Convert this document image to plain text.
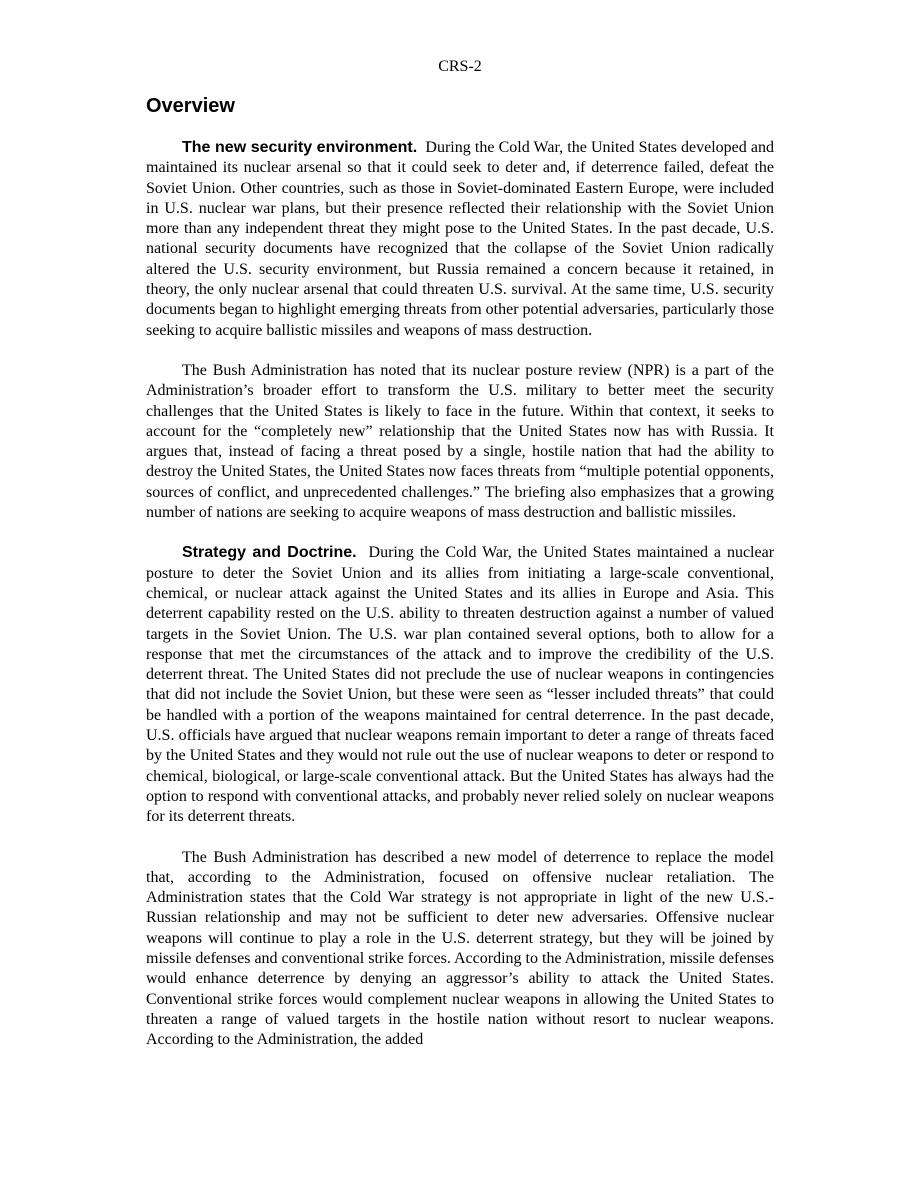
CRS-2
Overview

The new security environment. During the Cold War, the United States developed and maintained its nuclear arsenal so that it could seek to deter and, if deterrence failed, defeat the Soviet Union. Other countries, such as those in Soviet-dominated Eastern Europe, were included in U.S. nuclear war plans, but their presence reflected their relationship with the Soviet Union more than any independent threat they might pose to the United States. In the past decade, U.S. national security documents have recognized that the collapse of the Soviet Union radically altered the U.S. security environment, but Russia remained a concern because it retained, in theory, the only nuclear arsenal that could threaten U.S. survival. At the same time, U.S. security documents began to highlight emerging threats from other potential adversaries, particularly those seeking to acquire ballistic missiles and weapons of mass destruction.

The Bush Administration has noted that its nuclear posture review (NPR) is a part of the Administration’s broader effort to transform the U.S. military to better meet the security challenges that the United States is likely to face in the future. Within that context, it seeks to account for the “completely new” relationship that the United States now has with Russia. It argues that, instead of facing a threat posed by a single, hostile nation that had the ability to destroy the United States, the United States now faces threats from “multiple potential opponents, sources of conflict, and unprecedented challenges.” The briefing also emphasizes that a growing number of nations are seeking to acquire weapons of mass destruction and ballistic missiles.

Strategy and Doctrine. During the Cold War, the United States maintained a nuclear posture to deter the Soviet Union and its allies from initiating a large-scale conventional, chemical, or nuclear attack against the United States and its allies in Europe and Asia. This deterrent capability rested on the U.S. ability to threaten destruction against a number of valued targets in the Soviet Union. The U.S. war plan contained several options, both to allow for a response that met the circumstances of the attack and to improve the credibility of the U.S. deterrent threat. The United States did not preclude the use of nuclear weapons in contingencies that did not include the Soviet Union, but these were seen as “lesser included threats” that could be handled with a portion of the weapons maintained for central deterrence. In the past decade, U.S. officials have argued that nuclear weapons remain important to deter a range of threats faced by the United States and they would not rule out the use of nuclear weapons to deter or respond to chemical, biological, or large-scale conventional attack. But the United States has always had the option to respond with conventional attacks, and probably never relied solely on nuclear weapons for its deterrent threats.

The Bush Administration has described a new model of deterrence to replace the model that, according to the Administration, focused on offensive nuclear retaliation. The Administration states that the Cold War strategy is not appropriate in light of the new U.S.-Russian relationship and may not be sufficient to deter new adversaries. Offensive nuclear weapons will continue to play a role in the U.S. deterrent strategy, but they will be joined by missile defenses and conventional strike forces. According to the Administration, missile defenses would enhance deterrence by denying an aggressor’s ability to attack the United States. Conventional strike forces would complement nuclear weapons in allowing the United States to threaten a range of valued targets in the hostile nation without resort to nuclear weapons. According to the Administration, the added
